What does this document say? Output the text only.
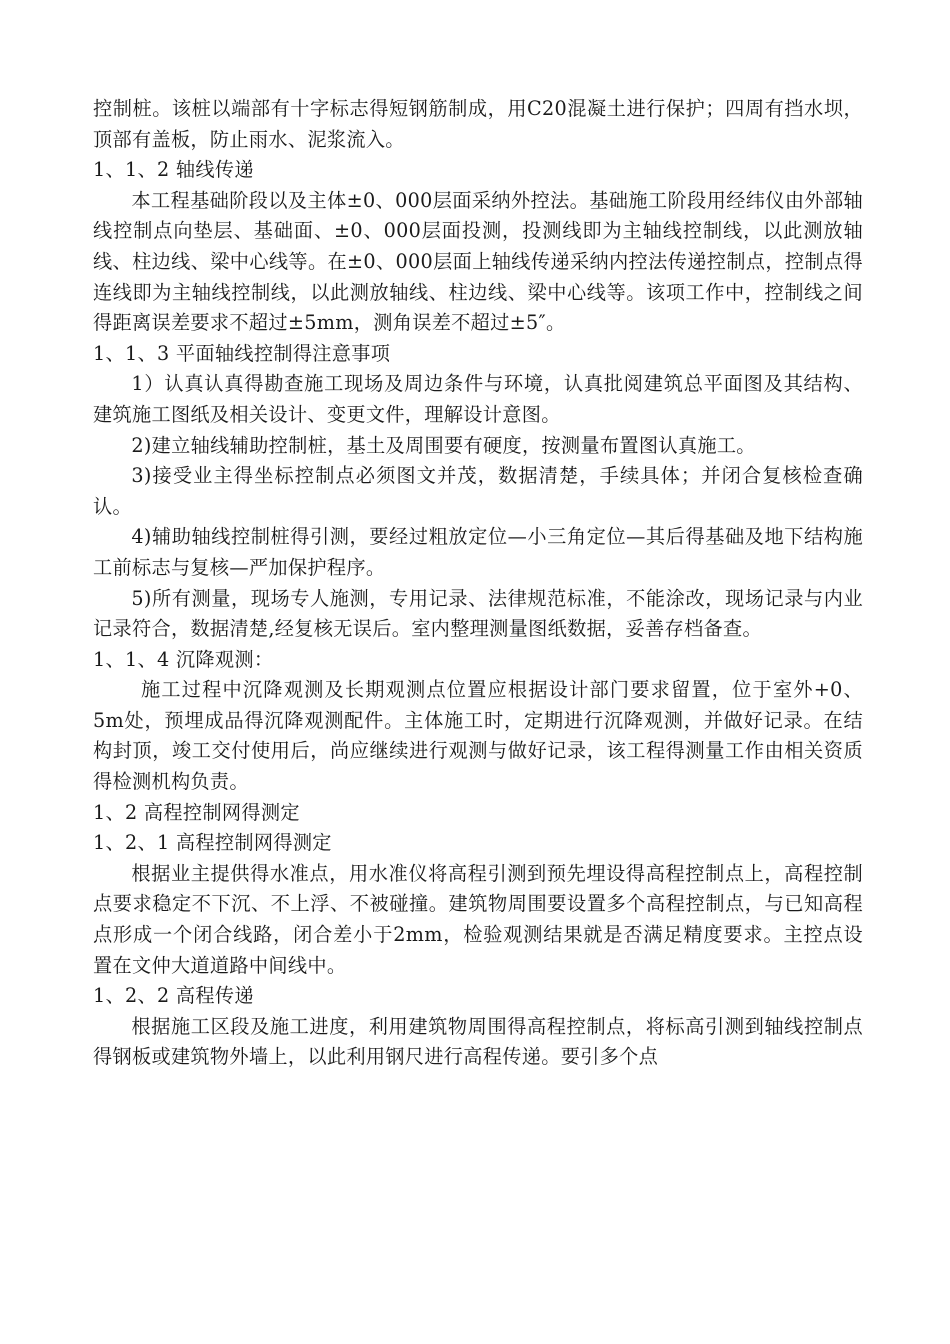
控制桩。该桩以端部有十字标志得短钢筋制成，用C20混凝土进行保护；四周有挡水坝，顶部有盖板，防止雨水、泥浆流入。

1、1、2 轴线传递

本工程基础阶段以及主体±0、000层面采纳外控法。基础施工阶段用经纬仪由外部轴线控制点向垫层、基础面、±0、000层面投测，投测线即为主轴线控制线，以此测放轴线、柱边线、梁中心线等。在±0、000层面上轴线传递采纳内控法传递控制点，控制点得连线即为主轴线控制线，以此测放轴线、柱边线、梁中心线等。该项工作中，控制线之间得距离误差要求不超过±5mm，测角误差不超过±5″。

1、1、3 平面轴线控制得注意事项

1）认真认真得勘查施工现场及周边条件与环境，认真批阅建筑总平面图及其结构、建筑施工图纸及相关设计、变更文件，理解设计意图。

2)建立轴线辅助控制桩，基土及周围要有硬度，按测量布置图认真施工。

3)接受业主得坐标控制点必须图文并茂，数据清楚，手续具体；并闭合复核检查确认。

4)辅助轴线控制桩得引测，要经过粗放定位—小三角定位—其后得基础及地下结构施工前标志与复核—严加保护程序。

5)所有测量，现场专人施测，专用记录、法律规范标准，不能涂改，现场记录与内业记录符合，数据清楚,经复核无误后。室内整理测量图纸数据，妥善存档备查。

1、1、4 沉降观测：

施工过程中沉降观测及长期观测点位置应根据设计部门要求留置，位于室外+0、5m处，预埋成品得沉降观测配件。主体施工时，定期进行沉降观测，并做好记录。在结构封顶，竣工交付使用后，尚应继续进行观测与做好记录，该工程得测量工作由相关资质得检测机构负责。

1、2 高程控制网得测定

1、2、1 高程控制网得测定

根据业主提供得水准点，用水准仪将高程引测到预先埋设得高程控制点上，高程控制点要求稳定不下沉、不上浮、不被碰撞。建筑物周围要设置多个高程控制点，与已知高程点形成一个闭合线路，闭合差小于2mm，检验观测结果就是否满足精度要求。主控点设置在文仲大道道路中间线中。

1、2、2 高程传递

根据施工区段及施工进度，利用建筑物周围得高程控制点，将标高引测到轴线控制点得钢板或建筑物外墙上，以此利用钢尺进行高程传递。要引多个点
